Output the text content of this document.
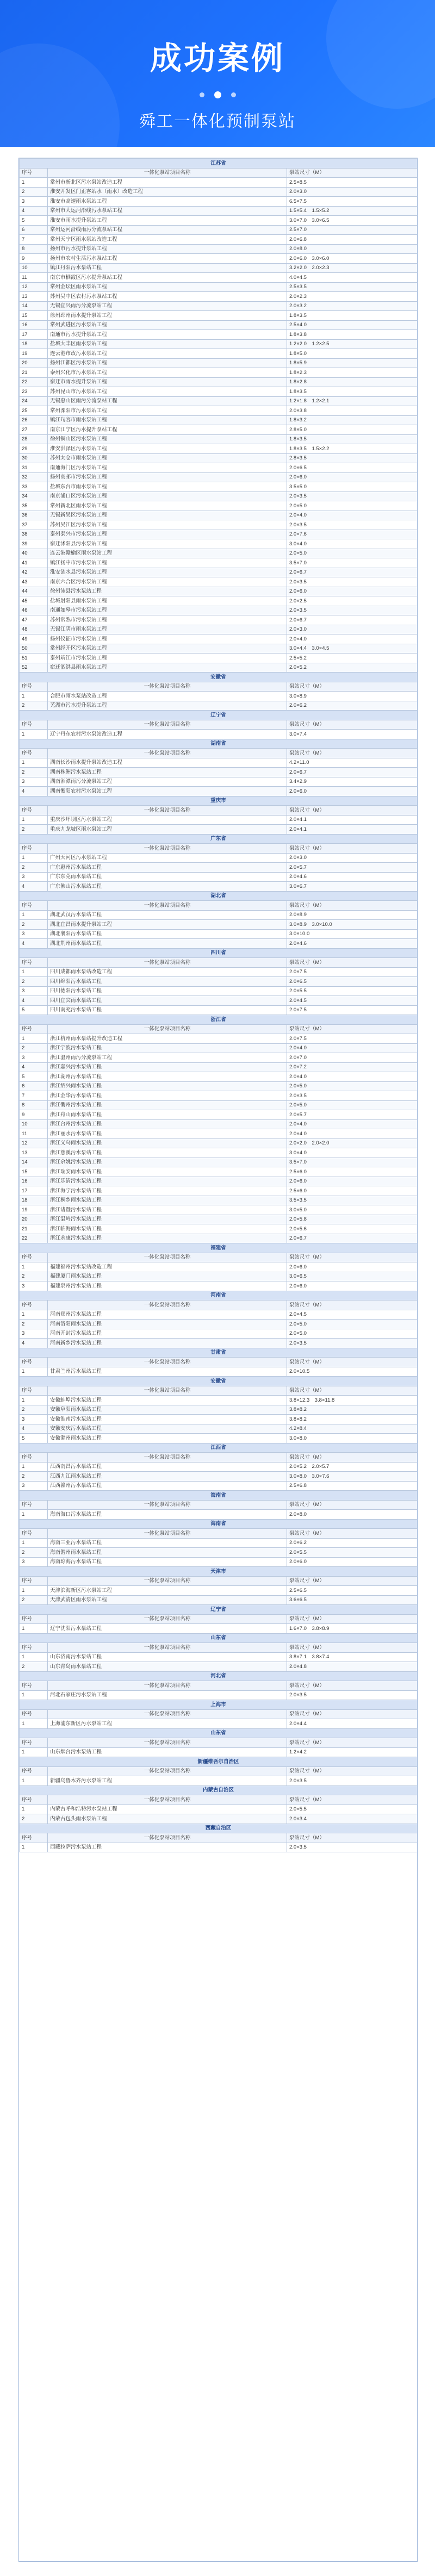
成功案例
舜工一体化预制泵站
江苏省		
序号	一体化泵站项目名称	泵站尺寸（M）
1	常州市新北区污水泵站改造工程	2.5×8.5
2	淮安开发区门正客站水（雨水）改造工程	2.0×3.0
3	淮安市高速雨水泵站工程	6.5×7.5
4	常州市大运河沿线污水泵站工程	1.5×5.4　1.5×5.2
5	淮安市雨水提升泵站工程	3.0×7.0　3.0×6.5
6	常州运河沿线雨污分流泵站工程	2.5×7.0
7	常州天宁区雨水泵站改造工程	2.0×6.8
8	扬州市污水提升泵站工程	2.0×8.0
9	扬州市农村生活污水泵站工程	2.0×6.0　3.0×6.0
10	镇江丹阳污水泵站工程	3.2×2.0　2.0×2.3
11	南京市栖霞区污水提升泵站工程	4.0×4.5
12	常州金坛区雨水泵站工程	2.5×3.5
13	苏州吴中区农村污水泵站工程	2.0×2.3
14	无锡宜兴雨污分流泵站工程	2.0×3.2
15	徐州邳州雨水提升泵站工程	1.8×3.5
16	常州武进区污水泵站工程	2.5×4.0
17	南通市污水提升泵站工程	1.8×3.8
18	盐城大丰区雨水泵站工程	1.2×2.0　1.2×2.5
19	连云港市政污水泵站工程	1.8×5.0
20	扬州江都区污水泵站工程	1.8×5.9
21	泰州兴化市污水泵站工程	1.8×2.3
22	宿迁市雨水提升泵站工程	1.8×2.8
23	苏州昆山市污水泵站工程	1.8×3.5
24	无锡惠山区雨污分流泵站工程	1.2×1.8　1.2×2.1
25	常州溧阳市污水泵站工程	2.0×3.8
26	镇江句容市雨水泵站工程	1.8×3.2
27	南京江宁区污水提升泵站工程	2.8×5.0
28	徐州铜山区污水泵站工程	1.8×3.5
29	淮安洪泽区污水泵站工程	1.8×3.5　1.5×2.2
30	苏州太仓市雨水泵站工程	2.8×3.5
31	南通海门区污水泵站工程	2.0×6.5
32	扬州高邮市污水泵站工程	2.0×6.0
33	盐城东台市雨水泵站工程	3.5×5.0
34	南京浦口区污水泵站工程	2.0×3.5
35	常州新北区雨水泵站工程	2.0×5.0
36	无锡新吴区污水泵站工程	2.0×4.0
37	苏州吴江区污水泵站工程	2.0×3.5
38	泰州泰兴市污水泵站工程	2.0×7.6
39	宿迁沭阳县污水泵站工程	3.0×4.0
40	连云港赣榆区雨水泵站工程	2.0×5.0
41	镇江扬中市污水泵站工程	3.5×7.0
42	淮安涟水县污水泵站工程	2.0×6.7
43	南京六合区污水泵站工程	2.0×3.5
44	徐州沛县污水泵站工程	2.0×6.0
45	盐城射阳县雨水泵站工程	2.0×2.5
46	南通如皋市污水泵站工程	2.0×3.5
47	苏州常熟市污水泵站工程	2.0×6.7
48	无锡江阴市雨水泵站工程	2.0×3.0
49	扬州仪征市污水泵站工程	2.0×4.0
50	常州经开区污水泵站工程	3.0×4.4　3.0×4.5
51	泰州靖江市污水泵站工程	2.5×5.2
52	宿迁泗洪县雨水泵站工程	2.0×5.2
安徽省		
序号	一体化泵站项目名称	泵站尺寸（M）
1	合肥市雨水泵站改造工程	3.0×8.9
2	芜湖市污水提升泵站工程	2.0×6.2
辽宁省		
序号	一体化泵站项目名称	泵站尺寸（M）
1	辽宁丹东农村污水泵站改造工程	3.0×7.4
湖南省		
序号	一体化泵站项目名称	泵站尺寸（M）
1	湖南长沙雨水提升泵站改造工程	4.2×11.0
2	湖南株洲污水泵站工程	2.0×6.7
3	湖南湘潭雨污分流泵站工程	3.4×2.9
4	湖南衡阳农村污水泵站工程	2.0×6.0
重庆市		
序号	一体化泵站项目名称	泵站尺寸（M）
1	重庆沙坪坝区污水泵站工程	2.0×4.1
2	重庆九龙坡区雨水泵站工程	2.0×4.1
广东省		
序号	一体化泵站项目名称	泵站尺寸（M）
1	广州天河区污水泵站工程	2.0×3.0
2	广东惠州污水泵站工程	2.0×5.7
3	广东东莞雨水泵站工程	2.0×4.6
4	广东佛山污水泵站工程	3.0×6.7
湖北省		
序号	一体化泵站项目名称	泵站尺寸（M）
1	湖北武汉污水泵站工程	2.0×8.9
2	湖北宜昌雨水提升泵站工程	3.0×8.9　3.0×10.0
3	湖北襄阳污水泵站工程	3.0×10.0
4	湖北荆州雨水泵站工程	2.0×4.6
四川省		
序号	一体化泵站项目名称	泵站尺寸（M）
1	四川成都雨水泵站改造工程	2.0×7.5
2	四川绵阳污水泵站工程	2.0×6.5
3	四川德阳污水泵站工程	2.0×5.5
4	四川宜宾雨水泵站工程	2.0×4.5
5	四川南充污水泵站工程	2.0×7.5
浙江省		
序号	一体化泵站项目名称	泵站尺寸（M）
1	浙江杭州雨水泵站提升改造工程	2.0×7.5
2	浙江宁波污水泵站工程	2.0×4.0
3	浙江温州雨污分流泵站工程	2.0×7.0
4	浙江嘉兴污水泵站工程	2.0×7.2
5	浙江湖州污水泵站工程	2.0×4.0
6	浙江绍兴雨水泵站工程	2.0×5.0
7	浙江金华污水泵站工程	2.0×3.5
8	浙江衢州污水泵站工程	2.0×5.0
9	浙江舟山雨水泵站工程	2.0×5.7
10	浙江台州污水泵站工程	2.0×4.0
11	浙江丽水污水泵站工程	2.0×4.0
12	浙江义乌雨水泵站工程	2.0×2.0　2.0×2.0
13	浙江慈溪污水泵站工程	3.0×4.0
14	浙江余姚污水泵站工程	3.5×7.0
15	浙江瑞安雨水泵站工程	2.5×6.0
16	浙江乐清污水泵站工程	2.0×6.0
17	浙江海宁污水泵站工程	2.5×6.0
18	浙江桐乡雨水泵站工程	3.5×3.5
19	浙江诸暨污水泵站工程	3.0×5.0
20	浙江温岭污水泵站工程	2.0×5.8
21	浙江临海雨水泵站工程	2.0×5.6
22	浙江永康污水泵站工程	2.0×6.7
福建省		
序号	一体化泵站项目名称	泵站尺寸（M）
1	福建福州污水泵站改造工程	2.0×6.0
2	福建厦门雨水泵站工程	3.0×6.5
3	福建泉州污水泵站工程	2.0×6.0
河南省		
序号	一体化泵站项目名称	泵站尺寸（M）
1	河南郑州污水泵站工程	2.0×4.5
2	河南洛阳雨水泵站工程	2.0×5.0
3	河南开封污水泵站工程	2.0×5.0
4	河南新乡污水泵站工程	2.0×3.5
甘肃省		
序号	一体化泵站项目名称	泵站尺寸（M）
1	甘肃兰州污水泵站工程	2.0×10.5
安徽省		
序号	一体化泵站项目名称	泵站尺寸（M）
1	安徽蚌埠污水泵站工程	3.8×12.3　3.8×11.8
2	安徽阜阳雨水泵站工程	3.8×8.2
3	安徽淮南污水泵站工程	3.8×8.2
4	安徽安庆污水泵站工程	4.2×8.4
5	安徽滁州雨水泵站工程	3.0×8.0
江西省		
序号	一体化泵站项目名称	泵站尺寸（M）
1	江西南昌污水泵站工程	2.0×5.2　2.0×5.7
2	江西九江雨水泵站工程	3.0×8.0　3.0×7.6
3	江西赣州污水泵站工程	2.5×6.8
海南省		
序号	一体化泵站项目名称	泵站尺寸（M）
1	海南海口污水泵站工程	2.0×8.0
海南省		
序号	一体化泵站项目名称	泵站尺寸（M）
1	海南三亚污水泵站工程	2.0×6.2
2	海南儋州雨水泵站工程	2.0×5.5
3	海南琼海污水泵站工程	2.0×6.0
天津市		
序号	一体化泵站项目名称	泵站尺寸（M）
1	天津滨海新区污水泵站工程	2.5×6.5
2	天津武清区雨水泵站工程	3.6×6.5
辽宁省		
序号	一体化泵站项目名称	泵站尺寸（M）
1	辽宁沈阳污水泵站工程	1.6×7.0　3.8×8.9
山东省		
序号	一体化泵站项目名称	泵站尺寸（M）
1	山东济南污水泵站工程	3.8×7.1　3.8×7.4
2	山东青岛雨水泵站工程	2.0×4.8
河北省		
序号	一体化泵站项目名称	泵站尺寸（M）
1	河北石家庄污水泵站工程	2.0×3.5
上海市		
序号	一体化泵站项目名称	泵站尺寸（M）
1	上海浦东新区污水泵站工程	2.0×4.4
山东省		
序号	一体化泵站项目名称	泵站尺寸（M）
1	山东烟台污水泵站工程	1.2×4.2
新疆维吾尔自治区		
序号	一体化泵站项目名称	泵站尺寸（M）
1	新疆乌鲁木齐污水泵站工程	2.0×3.5
内蒙古自治区		
序号	一体化泵站项目名称	泵站尺寸（M）
1	内蒙古呼和浩特污水泵站工程	2.0×5.5
2	内蒙古包头雨水泵站工程	2.0×3.4
西藏自治区		
序号	一体化泵站项目名称	泵站尺寸（M）
1	西藏拉萨污水泵站工程	2.0×3.5
